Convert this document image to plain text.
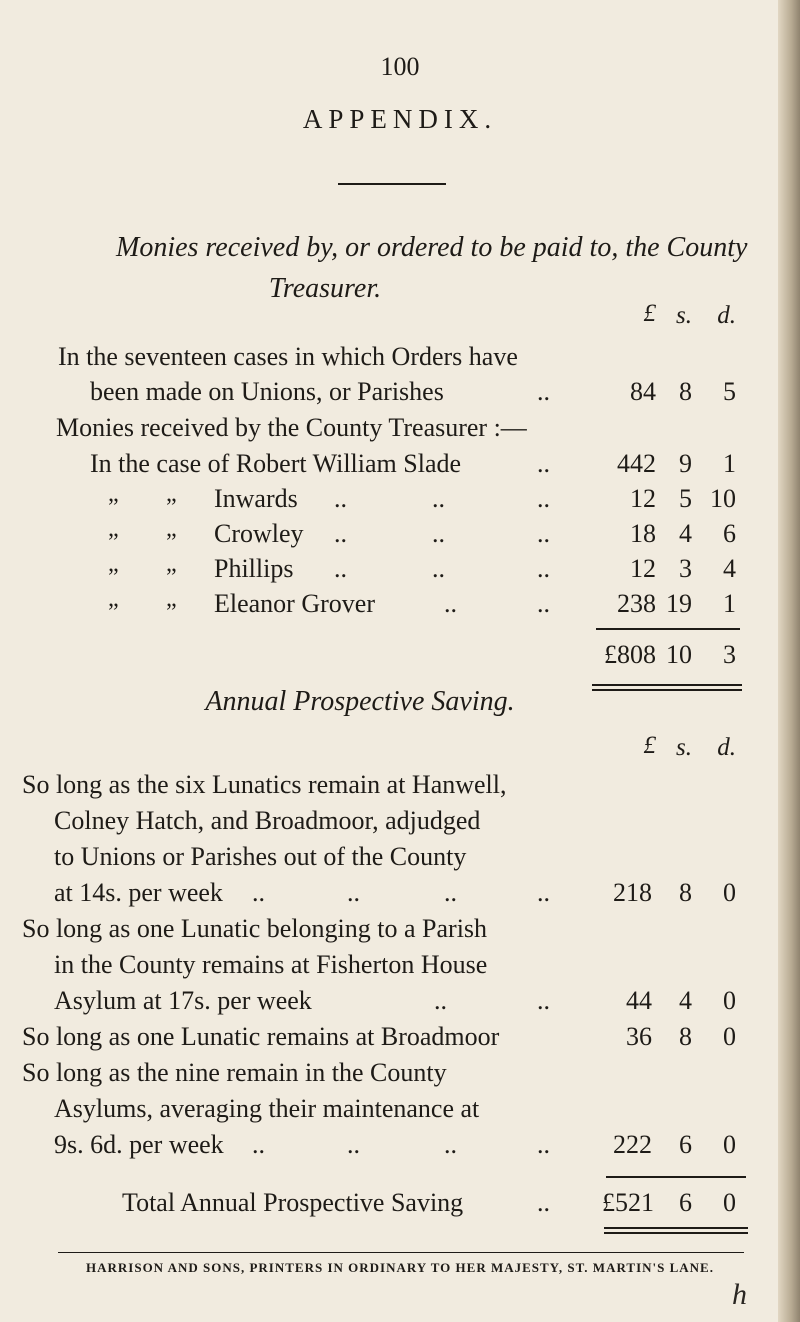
100
APPENDIX.
Monies received by, or ordered to be paid to, the County
Treasurer.
£ s.	d.
In the seventeen cases in which Orders have
been made on Unions, or Parishes	..	84 8	5
Monies received by the County Treasurer :—
In the case of Robert William Slade	..	442 9	1
„ „ Inwards ..	..	..	12 5 10
„ „ Crowley ..	..	..	18 4	6
„ „ Phillips ..	..	..	12 3	4
„ „ Eleanor Grover	..	..	238 19	1
£808 10	3
Annual Prospective Saving.
£ s.	d.
So long as the six Lunatics remain at Hanwell,
Colney Hatch, and Broadmoor, adjudged
to Unions or Parishes out of the County
at 14s. per week ..	..	..	..	218	8	0
So long as one Lunatic belonging to a Parish
in the County remains at Fisherton House
Asylum at 17s. per week	..	..	44	4	0
So long as one Lunatic remains at Broadmoor	36	8	0
So long as the nine remain in the County
Asylums, averaging their maintenance at
9s. 6d. per week ..	..	..	..	222	6	0
Total Annual Prospective Saving	..	£521 6	0
HARRISON AND SONS, PRINTERS IN ORDINARY TO HER MAJESTY, ST. MARTIN'S LANE.
h
